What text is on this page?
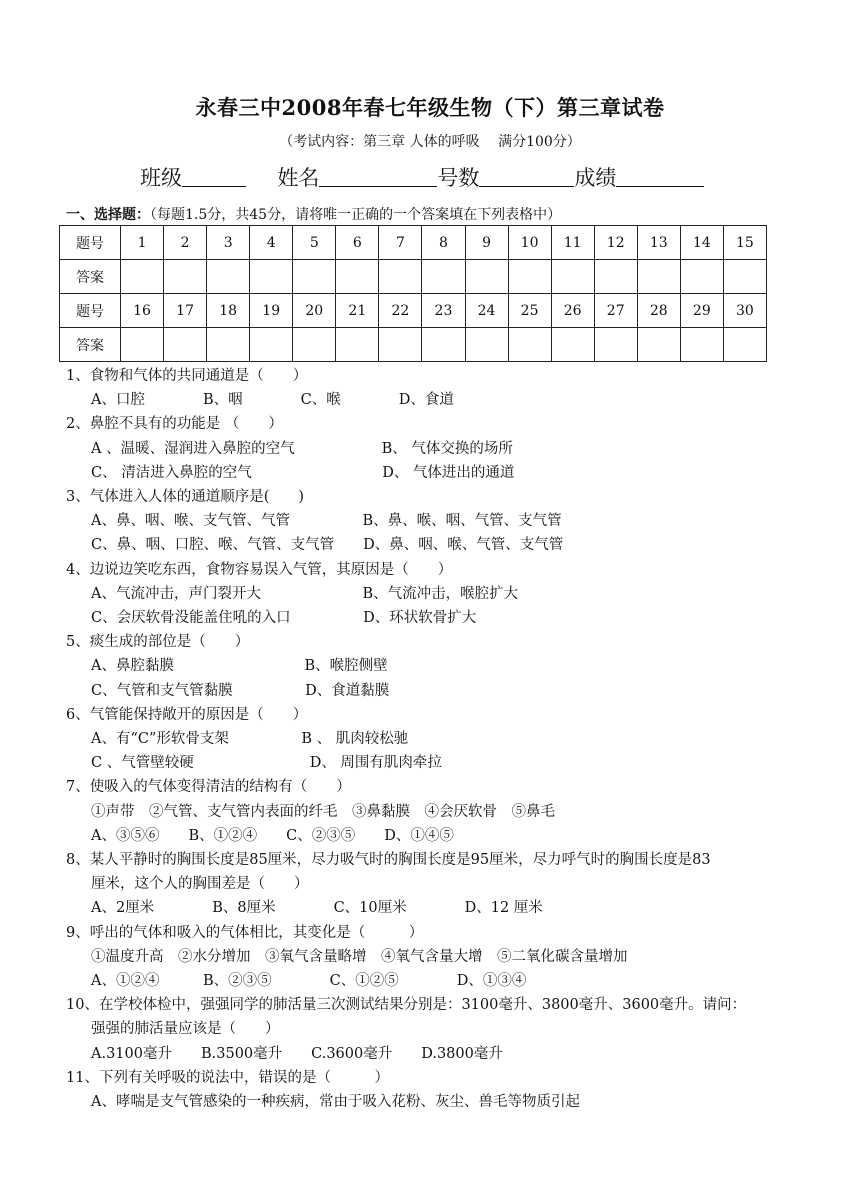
永春三中2008年春七年级生物（下）第三章试卷
（考试内容：第三章 人体的呼吸　 满分100分）
班级	姓名	号数	成绩
一、选择题：（每题1.5分，共45分，请将唯一正确的一个答案填在下列表格中）
题号	1	2	3	4	5	6	7	8	9	10	11	12	13	14	15
答案															
题号	16	17	18	19	20	21	22	23	24	25	26	27	28	29	30
答案															
1、食物和气体的共同通道是（　　）
A、口腔　　　　B、咽　　　　C、喉　　　　D、食道
2、鼻腔不具有的功能是 （　　）
A 、温暖、湿润进入鼻腔的空气　　　　　　B、 气体交换的场所
C、 清洁进入鼻腔的空气　　　　　　　　　D、 气体进出的通道
3、气体进入人体的通道顺序是(　　)
A、鼻、咽、喉、支气管、气管　　　　　B、鼻、喉、咽、气管、支气管
C、鼻、咽、口腔、喉、气管、支气管　　D、鼻、咽、喉、气管、支气管
4、边说边笑吃东西，食物容易误入气管，其原因是（　　）
A、气流冲击，声门裂开大　　　　　　　B、气流冲击，喉腔扩大
C、会厌软骨没能盖住吼的入口　　　　　D、环状软骨扩大
5、痰生成的部位是（　　）
A、鼻腔黏膜　　　　　　　　　B、喉腔侧壁
C、气管和支气管黏膜　　　　　D、食道黏膜
6、气管能保持敞开的原因是（　　）
A、有“C”形软骨支架　　　　　B 、 肌肉较松驰
C 、气管壁较硬　　　　　　　　D、 周围有肌肉牵拉
7、使吸入的气体变得清洁的结构有（　　）
①声带　②气管、支气管内表面的纤毛　③鼻黏膜　④会厌软骨　⑤鼻毛
A、③⑤⑥　　B、①②④　　C、②③⑤　　D、①④⑤
8、某人平静时的胸围长度是85厘米，尽力吸气时的胸围长度是95厘米，尽力呼气时的胸围长度是83
厘米，这个人的胸围差是（　　）
A、2厘米　　　　B、8厘米　　　　C、10厘米　　　　D、12 厘米
9、呼出的气体和吸入的气体相比，其变化是（　　　）
①温度升高　②水分增加　③氧气含量略增　④氧气含量大增　⑤二氧化碳含量增加
A、①②④　　　B、②③⑤　　　　C、①②⑤　　　　D、①③④
10、在学校体检中，强强同学的肺活量三次测试结果分别是：3100毫升、3800毫升、3600毫升。请问：
强强的肺活量应该是（　　）
A.3100毫升　　B.3500毫升　　C.3600毫升　　D.3800毫升
11、下列有关呼吸的说法中，错误的是（　　　）
A、哮喘是支气管感染的一种疾病，常由于吸入花粉、灰尘、兽毛等物质引起
